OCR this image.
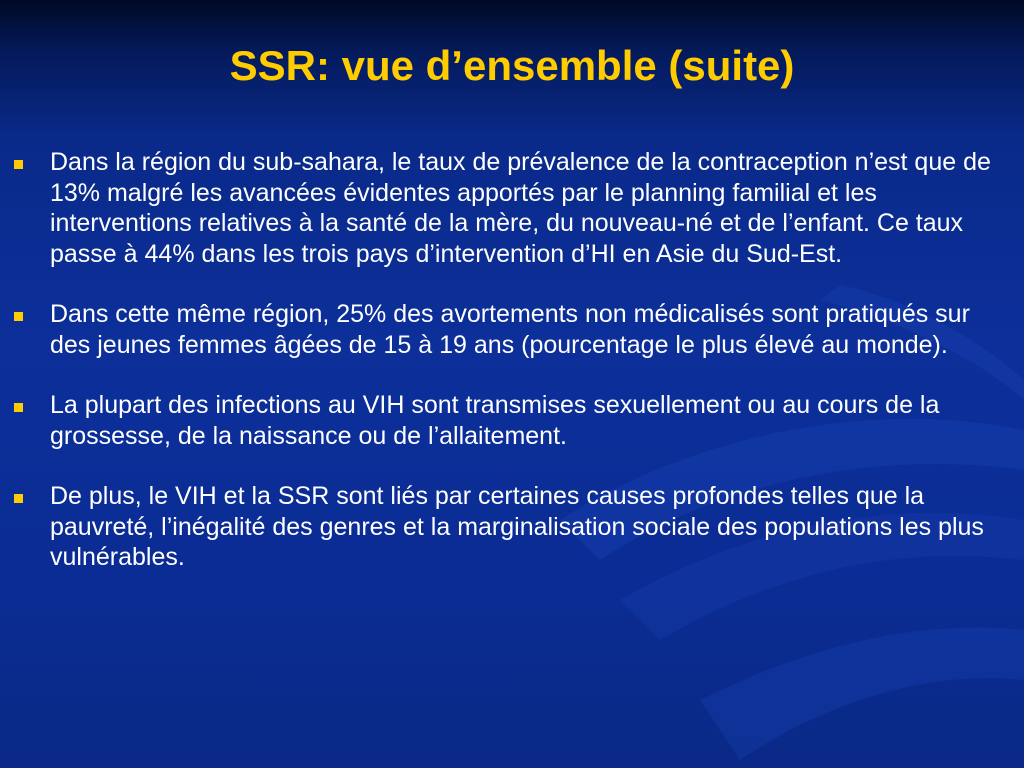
SSR: vue d’ensemble (suite)
Dans la région du sub-sahara, le taux de prévalence de la contraception n’est que de 13% malgré les avancées évidentes apportés par le planning familial et les interventions relatives à la santé de la mère, du nouveau-né et de l’enfant. Ce taux passe à 44% dans les trois pays d’intervention d’HI en Asie du Sud-Est.
Dans cette même région, 25% des avortements non médicalisés sont pratiqués sur des jeunes femmes âgées de 15 à 19 ans (pourcentage le plus élevé au monde).
La plupart des infections au VIH sont transmises sexuellement ou au cours de la grossesse, de la naissance ou de l’allaitement.
De plus, le VIH et la SSR sont liés par certaines causes profondes telles que la pauvreté, l’inégalité des genres et la marginalisation sociale des populations les plus vulnérables.
